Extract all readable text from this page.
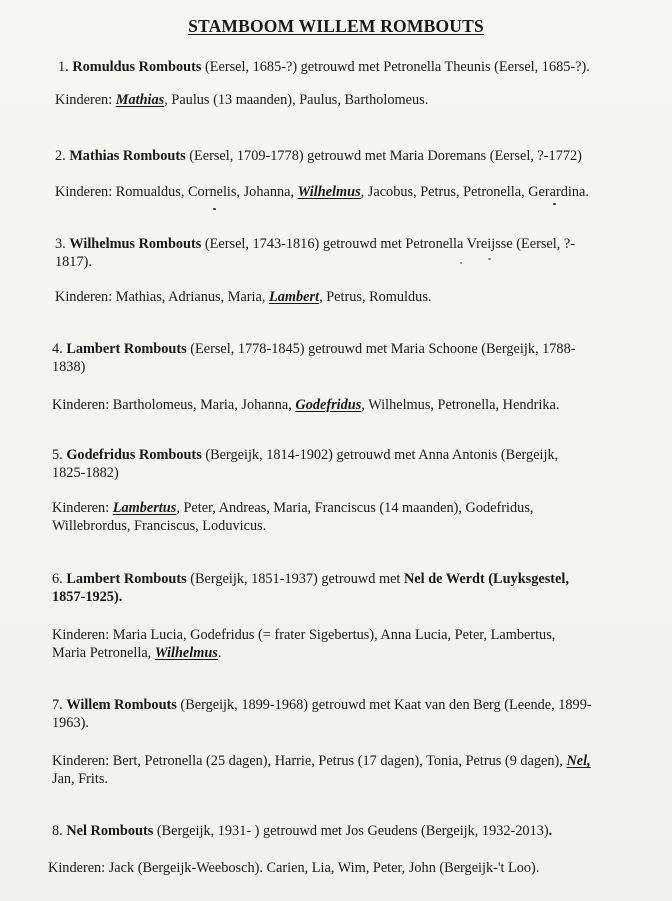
STAMBOOM WILLEM ROMBOUTS
1. Romuldus Rombouts (Eersel, 1685-?) getrouwd met Petronella Theunis (Eersel, 1685-?).
Kinderen: Mathias, Paulus (13 maanden), Paulus, Bartholomeus.
2. Mathias Rombouts (Eersel, 1709-1778) getrouwd met Maria Doremans (Eersel, ?-1772)
Kinderen: Romualdus, Cornelis, Johanna, Wilhelmus, Jacobus, Petrus, Petronella, Gerardina.
3. Wilhelmus Rombouts (Eersel, 1743-1816) getrouwd met Petronella Vreijsse (Eersel, ?-
1817).
Kinderen: Mathias, Adrianus, Maria, Lambert, Petrus, Romuldus.
4. Lambert Rombouts (Eersel, 1778-1845) getrouwd met Maria Schoone (Bergeijk, 1788-
1838)
Kinderen: Bartholomeus, Maria, Johanna, Godefridus, Wilhelmus, Petronella, Hendrika.
5. Godefridus Rombouts (Bergeijk, 1814-1902) getrouwd met Anna Antonis (Bergeijk,
1825-1882)
Kinderen: Lambertus, Peter, Andreas, Maria, Franciscus (14 maanden), Godefridus,
Willebrordus, Franciscus, Loduvicus.
6. Lambert Rombouts (Bergeijk, 1851-1937) getrouwd met Nel de Werdt (Luyksgestel,
1857-1925).
Kinderen: Maria Lucia, Godefridus (= frater Sigebertus), Anna Lucia, Peter, Lambertus,
Maria Petronella, Wilhelmus.
7. Willem Rombouts (Bergeijk, 1899-1968) getrouwd met Kaat van den Berg (Leende, 1899-
1963).
Kinderen: Bert, Petronella (25 dagen), Harrie, Petrus (17 dagen), Tonia, Petrus (9 dagen), Nel,
Jan, Frits.
8. Nel Rombouts (Bergeijk, 1931- ) getrouwd met Jos Geudens (Bergeijk, 1932-2013).
Kinderen: Jack (Bergeijk-Weebosch). Carien, Lia, Wim, Peter, John (Bergeijk-'t Loo).
